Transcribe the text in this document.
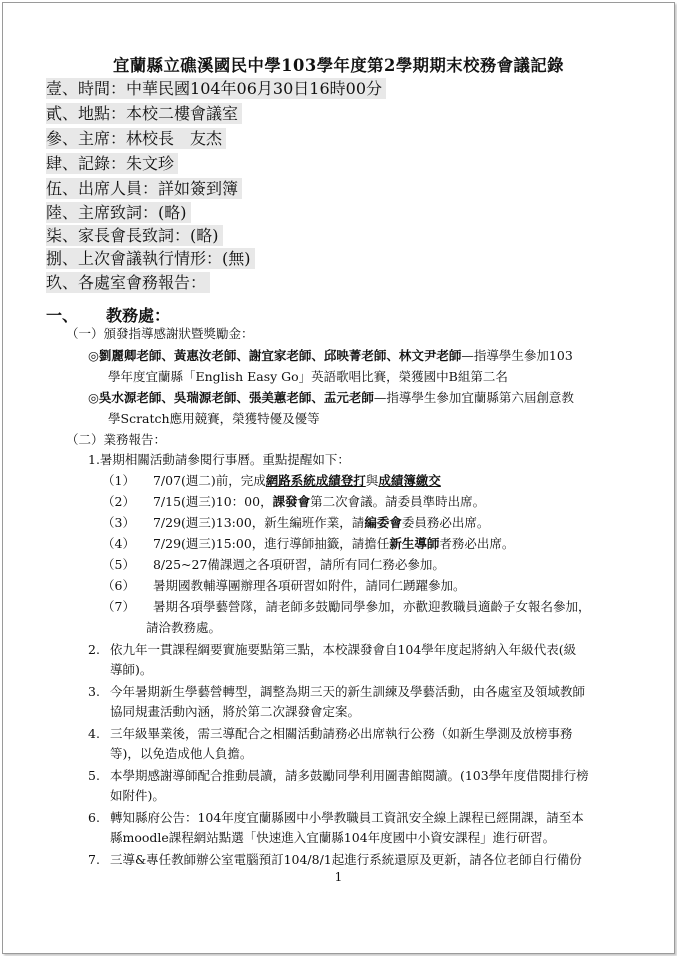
宜蘭縣立礁溪國民中學103學年度第2學期期末校務會議記錄
壹、時間：中華民國104年06月30日16時00分
貳、地點：本校二樓會議室
參、主席：林校長　友杰
肆、記錄：朱文珍
伍、出席人員：詳如簽到簿
陸、主席致詞：(略)
柒、家長會長致詞：(略)
捌、上次會議執行情形：(無)
玖、各處室會務報告：
一、 教務處：
（一）頒發指導感謝狀暨獎勵金：
◎劉麗卿老師、黃惠汝老師、謝宜家老師、邱映菁老師、林文尹老師—指導學生參加103
學年度宜蘭縣「English Easy Go」英語歌唱比賽，榮獲國中B組第二名
◎吳水源老師、吳瑞源老師、張美蕙老師、盂元老師—指導學生參加宜蘭縣第六屆創意教
學Scratch應用競賽，榮獲特優及優等
（二）業務報告：
1.暑期相關活動請參閱行事曆。重點提醒如下：
（1） 7/07(週二)前，完成網路系統成績登打與成績簿繳交
（2） 7/15(週三)10：00，課發會第二次會議。請委員準時出席。
（3） 7/29(週三)13:00，新生編班作業，請編委會委員務必出席。
（4） 7/29(週三)15:00，進行導師抽籤，請擔任新生導師者務必出席。
（5） 8/25~27備課週之各項研習，請所有同仁務必參加。
（6） 暑期國教輔導團辦理各項研習如附件，請同仁踴躍參加。
（7） 暑期各項學藝營隊，請老師多鼓勵同學參加，亦歡迎教職員適齡子女報名參加，
請洽教務處。
2. 依九年一貫課程綱要實施要點第三點，本校課發會自104學年度起將納入年級代表(級
導師)。
3. 今年暑期新生學藝營轉型，調整為期三天的新生訓練及學藝活動，由各處室及領域教師
協同規畫活動內涵，將於第二次課發會定案。
4. 三年級畢業後，需三導配合之相關活動請務必出席執行公務（如新生學測及放榜事務
等)，以免造成他人負擔。
5. 本學期感謝導師配合推動晨讀，請多鼓勵同學利用圖書館閱讀。(103學年度借閱排行榜
如附件)。
6. 轉知縣府公告：104年度宜蘭縣國中小學教職員工資訊安全線上課程已經開課，請至本
縣moodle課程網站點選「快速進入宜蘭縣104年度國中小資安課程」進行研習。
7. 三導&專任教師辦公室電腦預訂104/8/1起進行系統還原及更新，請各位老師自行備份
1
